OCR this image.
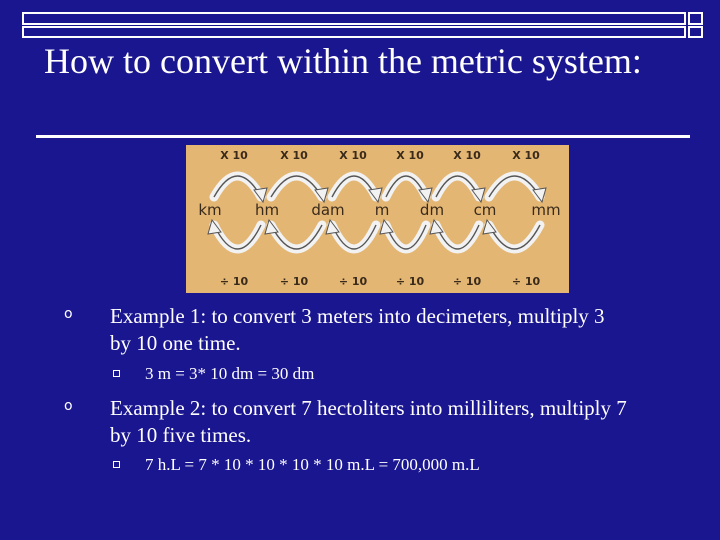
How to convert within the metric system:
X 10	X 10	X 10	X 10	X 10	X 10
÷ 10	÷ 10	÷ 10	÷ 10	÷ 10	÷ 10
km hm dam m dm cm mm
o Example 1: to convert 3 meters into decimeters, multiply 3 by 10 one time.
3 m = 3* 10 dm = 30 dm
o Example 2: to convert 7 hectoliters into milliliters, multiply 7 by 10 five times.
7 h.L = 7 * 10 * 10 * 10 * 10 m.L = 700,000 m.L
